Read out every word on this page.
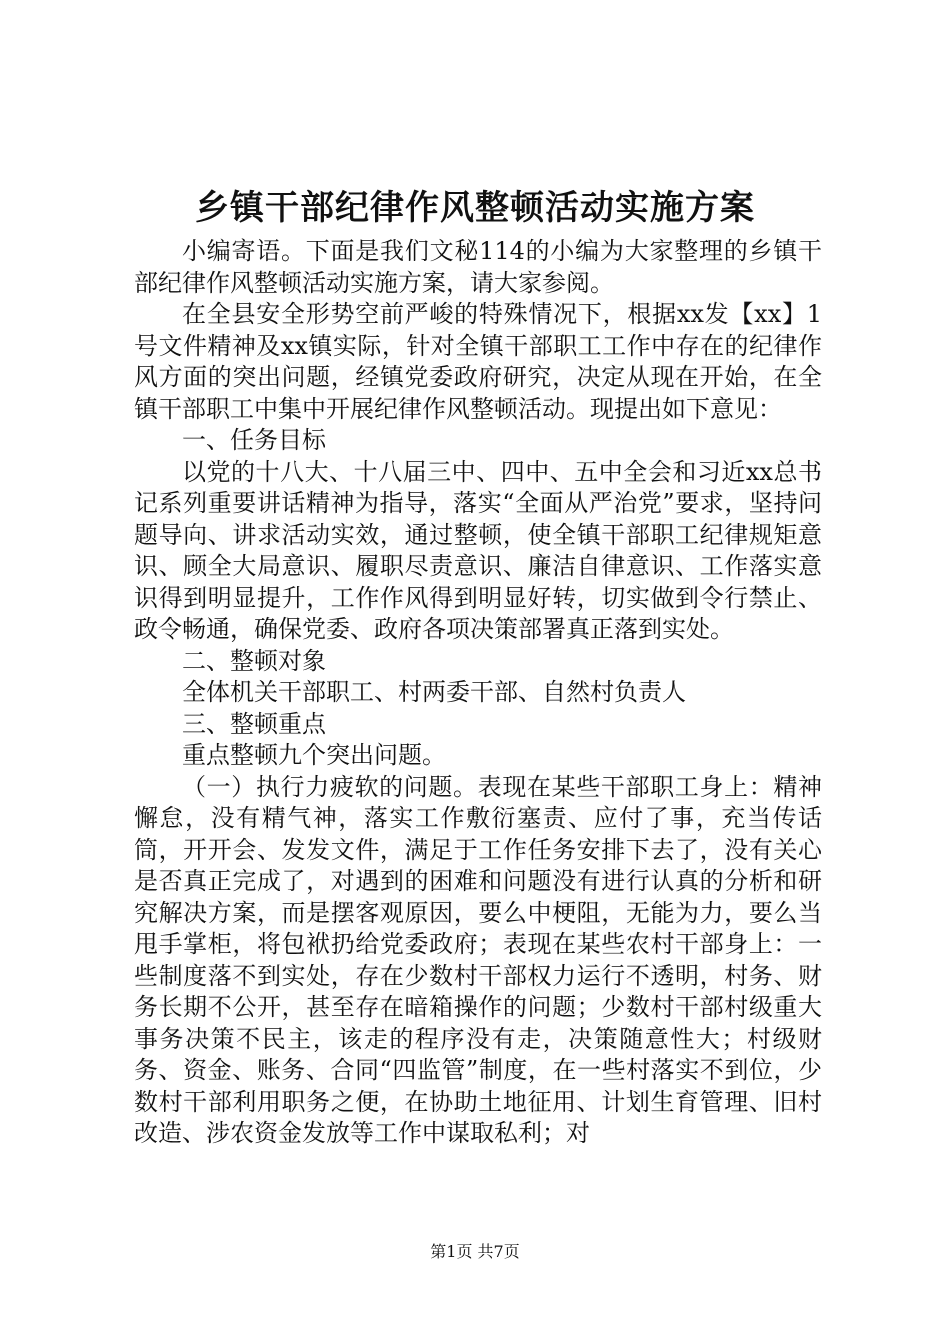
乡镇干部纪律作风整顿活动实施方案

小编寄语。下面是我们文秘114的小编为大家整理的乡镇干部纪律作风整顿活动实施方案，请大家参阅。

在全县安全形势空前严峻的特殊情况下，根据xx发【xx】1号文件精神及xx镇实际，针对全镇干部职工工作中存在的纪律作风方面的突出问题，经镇党委政府研究，决定从现在开始，在全镇干部职工中集中开展纪律作风整顿活动。现提出如下意见：

一、任务目标

以党的十八大、十八届三中、四中、五中全会和习近xx总书记系列重要讲话精神为指导，落实“全面从严治党”要求，坚持问题导向、讲求活动实效，通过整顿，使全镇干部职工纪律规矩意识、顾全大局意识、履职尽责意识、廉洁自律意识、工作落实意识得到明显提升，工作作风得到明显好转，切实做到令行禁止、政令畅通，确保党委、政府各项决策部署真正落到实处。

二、整顿对象

全体机关干部职工、村两委干部、自然村负责人

三、整顿重点

重点整顿九个突出问题。

（一）执行力疲软的问题。表现在某些干部职工身上：精神懈怠，没有精气神，落实工作敷衍塞责、应付了事，充当传话筒，开开会、发发文件，满足于工作任务安排下去了，没有关心是否真正完成了，对遇到的困难和问题没有进行认真的分析和研究解决方案，而是摆客观原因，要么中梗阻，无能为力，要么当甩手掌柜，将包袱扔给党委政府；表现在某些农村干部身上：一些制度落不到实处，存在少数村干部权力运行不透明，村务、财务长期不公开，甚至存在暗箱操作的问题；少数村干部村级重大事务决策不民主，该走的程序没有走，决策随意性大；村级财务、资金、账务、合同“四监管”制度，在一些村落实不到位，少数村干部利用职务之便，在协助土地征用、计划生育管理、旧村改造、涉农资金发放等工作中谋取私利；对

第1页 共7页
